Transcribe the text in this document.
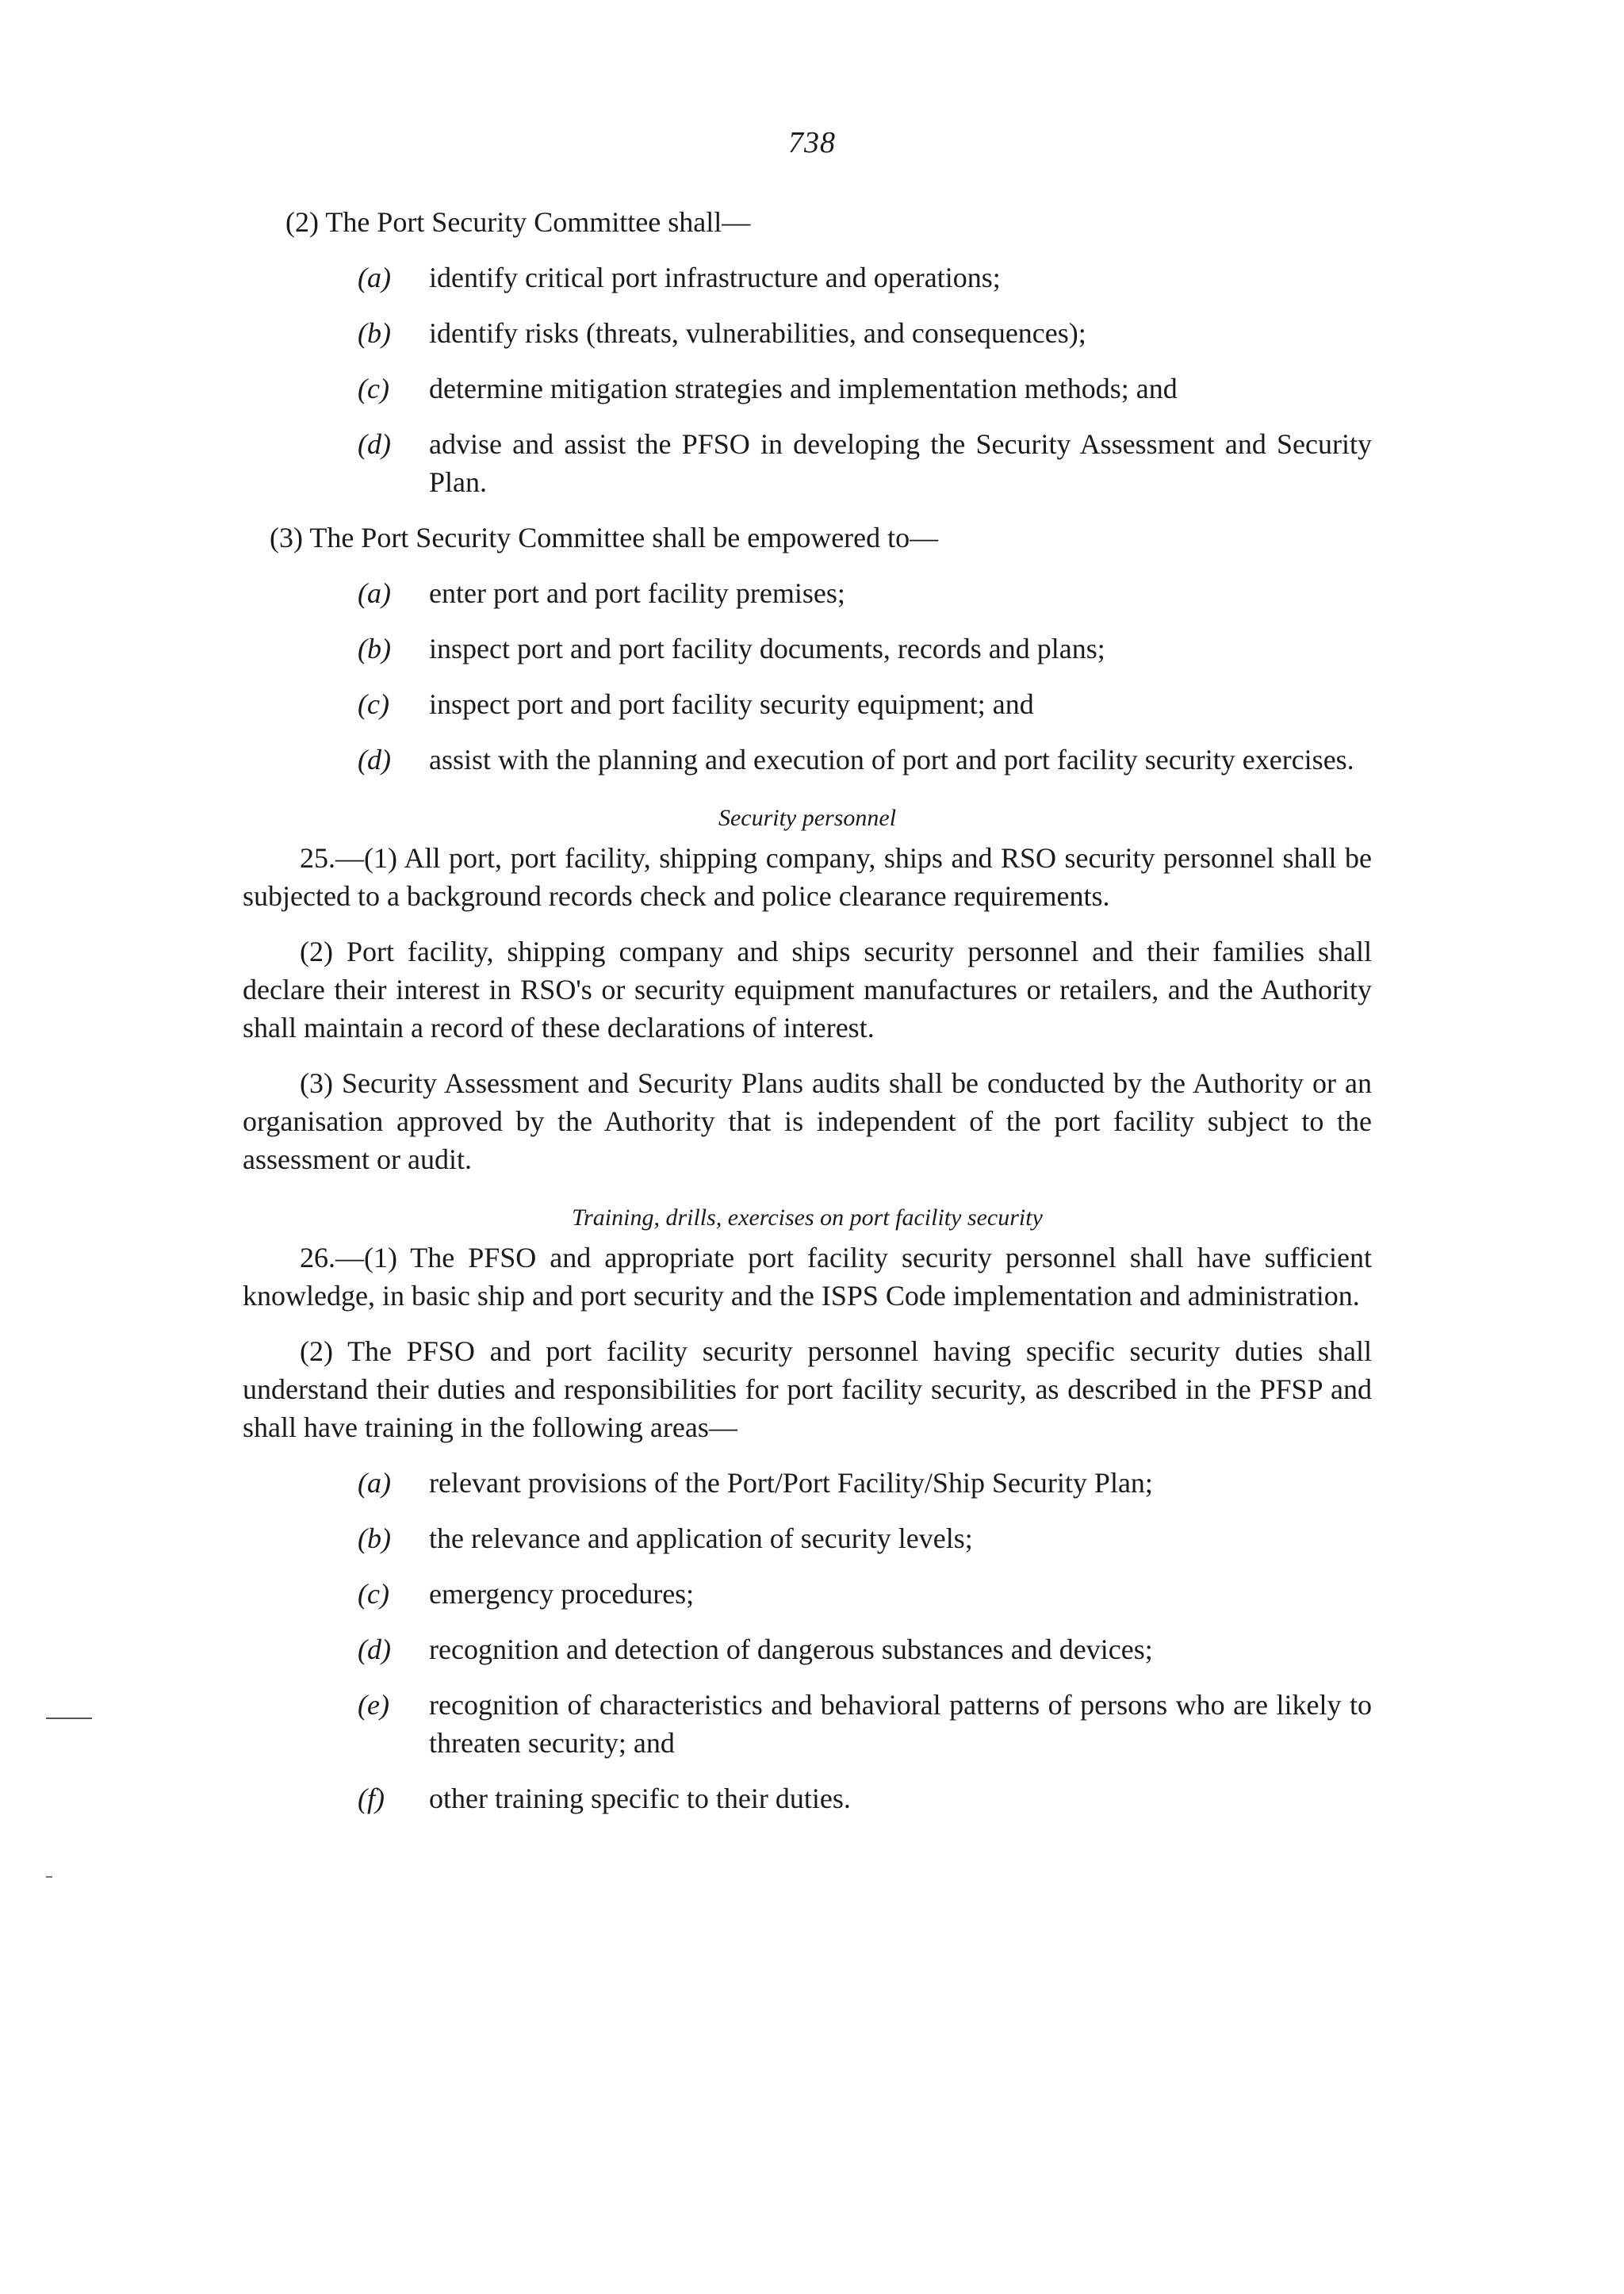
738
(2) The Port Security Committee shall—
(a)	identify critical port infrastructure and operations;
(b)	identify risks (threats, vulnerabilities, and consequences);
(c)	determine mitigation strategies and implementation methods; and
(d)	advise and assist the PFSO in developing the Security Assessment and Security Plan.
(3) The Port Security Committee shall be empowered to—
(a)	enter port and port facility premises;
(b)	inspect port and port facility documents, records and plans;
(c)	inspect port and port facility security equipment; and
(d)	assist with the planning and execution of port and port facility security exercises.
Security personnel
25.—(1) All port, port facility, shipping company, ships and RSO security personnel shall be subjected to a background records check and police clearance requirements.
(2) Port facility, shipping company and ships security personnel and their families shall declare their interest in RSO's or security equipment manufactures or retailers, and the Authority shall maintain a record of these declarations of interest.
(3) Security Assessment and Security Plans audits shall be conducted by the Authority or an organisation approved by the Authority that is independent of the port facility subject to the assessment or audit.
Training, drills, exercises on port facility security
26.—(1) The PFSO and appropriate port facility security personnel shall have sufficient knowledge, in basic ship and port security and the ISPS Code implementation and administration.
(2) The PFSO and port facility security personnel having specific security duties shall understand their duties and responsibilities for port facility security, as described in the PFSP and shall have training in the following areas—
(a)	relevant provisions of the Port/Port Facility/Ship Security Plan;
(b)	the relevance and application of security levels;
(c)	emergency procedures;
(d)	recognition and detection of dangerous substances and devices;
(e)	recognition of characteristics and behavioral patterns of persons who are likely to threaten security; and
(f)	other training specific to their duties.
